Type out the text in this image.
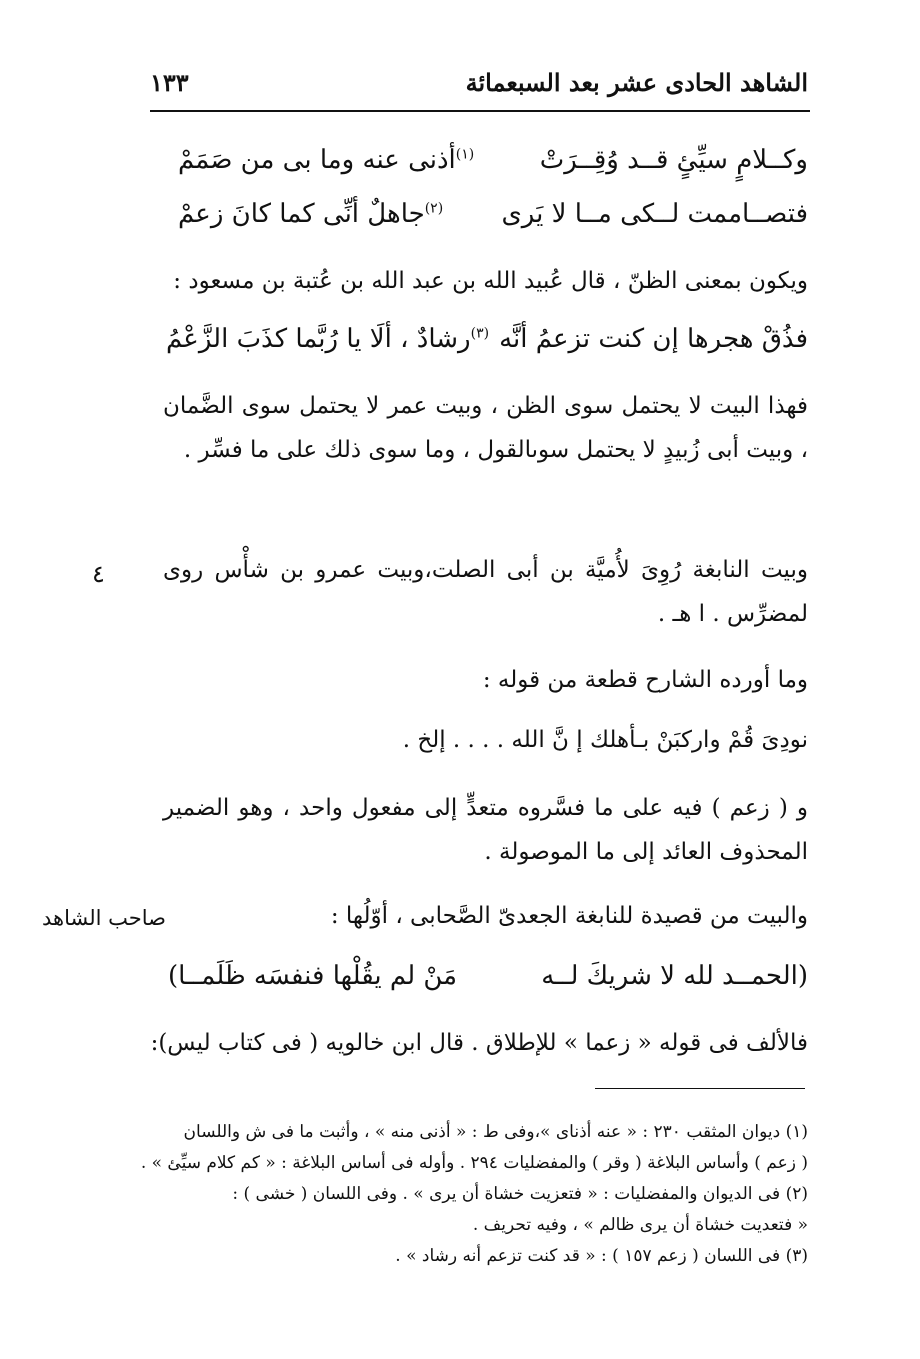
الشاهد الحادى عشر بعد السبعمائة
١٣٣
وكــلامٍ سيِّئٍ قــد وُقِــرَتْ
$^{(١)}$أذنى عنه وما بى من صَمَمْ
فتصــاممت لــكى مــا لا يَرى
$^{(٢)}$جاهلٌ أنِّى كما كانَ زعمْ
ويكون بمعنى الظنّ ، قال عُبيد الله بن عبد الله بن عُتبة بن مسعود :
فذُقْ هجرها إن كنت تزعمُ أنَّه
$^{(٣)}$رشادٌ ، ألَا يا رُبَّما كذَبَ الزَّعْمُ
فهذا البيت لا يحتمل سوى الظن ، وبيت عمر لا يحتمل سوى الضَّمان ، وبيت أبى زُبيدٍ لا يحتمل سوىالقول ، وما سوى ذلك على ما فسِّر .
وبيت النابغة رُوِىَ لأُميَّة بن أبى الصلت،وبيت عمرو بن شأْس روى لمضرِّس . ا هـ .
٤
وما أورده الشارح قطعة من قوله :
نودِىَ قُمْ واركبَنْ بـأهلك إ نَّ الله . . . . إلخ .
و ( زعم ) فيه على ما فسَّروه متعدٍّ إلى مفعول واحد ، وهو الضمير المحذوف العائد إلى ما الموصولة .
والبيت من قصيدة للنابغة الجعدىّ الصَّحابى ، أوّلُها :
صاحب الشاهد
(الحمــد لله لا شريكَ لــه
مَنْ لم يقُلْها فنفسَه ظَلَمــا)
فالألف فى قوله « زعما » للإطلاق . قال ابن خالويه ( فى كتاب ليس):
(١) ديوان المثقب ٢٣٠ : « عنه أذناى »،وفى ط : « أذنى منه » ، وأثبت ما فى ش واللسان
( زعم ) وأساس البلاغة ( وقر ) والمفضليات ٢٩٤ . وأوله فى أساس البلاغة : « كم كلام سيِّئ » .
(٢) فى الديوان والمفضليات : « فتعزيت خشاة أن يرى » . وفى اللسان ( خشى ) :
« فتعديت خشاة أن يرى ظالم » ، وفيه تحريف .
(٣) فى اللسان ( زعم ١٥٧ ) : « قد كنت تزعم أنه رشاد » .
